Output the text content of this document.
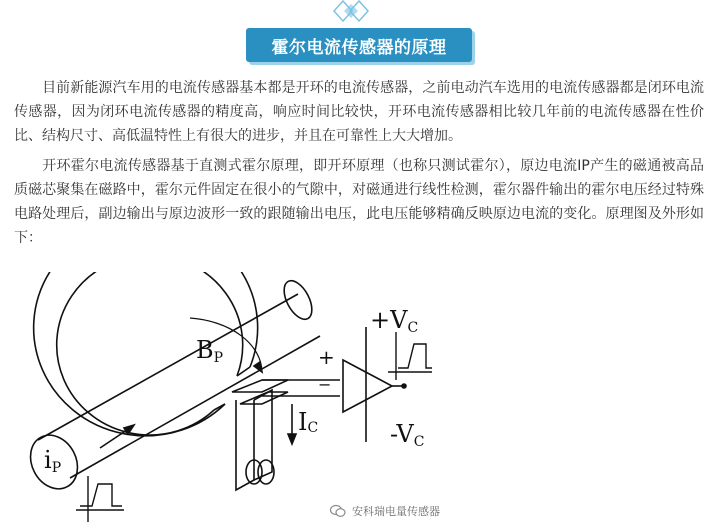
霍尔电流传感器的原理

目前新能源汽车用的电流传感器基本都是开环的电流传感器，之前电动汽车选用的电流传感器都是闭环电流传感器，因为闭环电流传感器的精度高，响应时间比较快，开环电流传感器相比较几年前的电流传感器在性价比、结构尺寸、高低温特性上有很大的进步，并且在可靠性上大大增加。

开环霍尔电流传感器基于直测式霍尔原理，即开环原理（也称只测试霍尔），原边电流IP产生的磁通被高品质磁芯聚集在磁路中，霍尔元件固定在很小的气隙中，对磁通进行线性检测，霍尔器件输出的霍尔电压经过特殊电路处理后，副边输出与原边波形一致的跟随输出电压，此电压能够精确反映原边电流的变化。原理图及外形如下：

+VC
-VC
BP
IC
iP
+
−
安科瑞电量传感器
